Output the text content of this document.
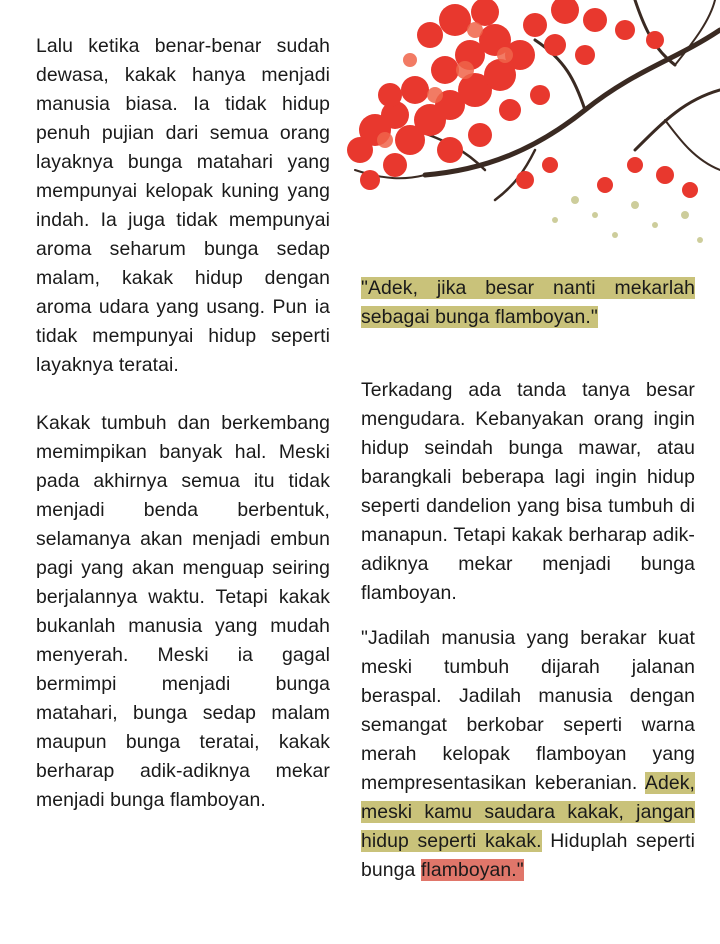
Lalu ketika benar-benar sudah dewasa, kakak hanya menjadi manusia biasa. Ia tidak hidup penuh pujian dari semua orang layaknya bunga matahari yang mempunyai kelopak kuning yang indah. Ia juga tidak mempunyai aroma seharum bunga sedap malam, kakak hidup dengan aroma udara yang usang. Pun ia tidak mempunyai hidup seperti layaknya teratai.

Kakak tumbuh dan berkembang memimpikan banyak hal. Meski pada akhirnya semua itu tidak menjadi benda berbentuk, selamanya akan menjadi embun pagi yang akan menguap seiring berjalannya waktu. Tetapi kakak bukanlah manusia yang mudah menyerah. Meski ia gagal bermimpi menjadi bunga matahari, bunga sedap malam maupun bunga teratai, kakak berharap adik-adiknya mekar menjadi bunga flamboyan.

"Adek, jika besar nanti mekarlah sebagai bunga flamboyan."

Terkadang ada tanda tanya besar mengudara. Kebanyakan orang ingin hidup seindah bunga mawar, atau barangkali beberapa lagi ingin hidup seperti dandelion yang bisa tumbuh di manapun. Tetapi kakak berharap adik-adiknya mekar menjadi bunga flamboyan.

"Jadilah manusia yang berakar kuat meski tumbuh dijarah jalanan beraspal. Jadilah manusia dengan semangat berkobar seperti warna merah kelopak flamboyan yang mempresentasikan keberanian. Adek, meski kamu saudara kakak, jangan hidup seperti kakak. Hiduplah seperti bunga flamboyan."
